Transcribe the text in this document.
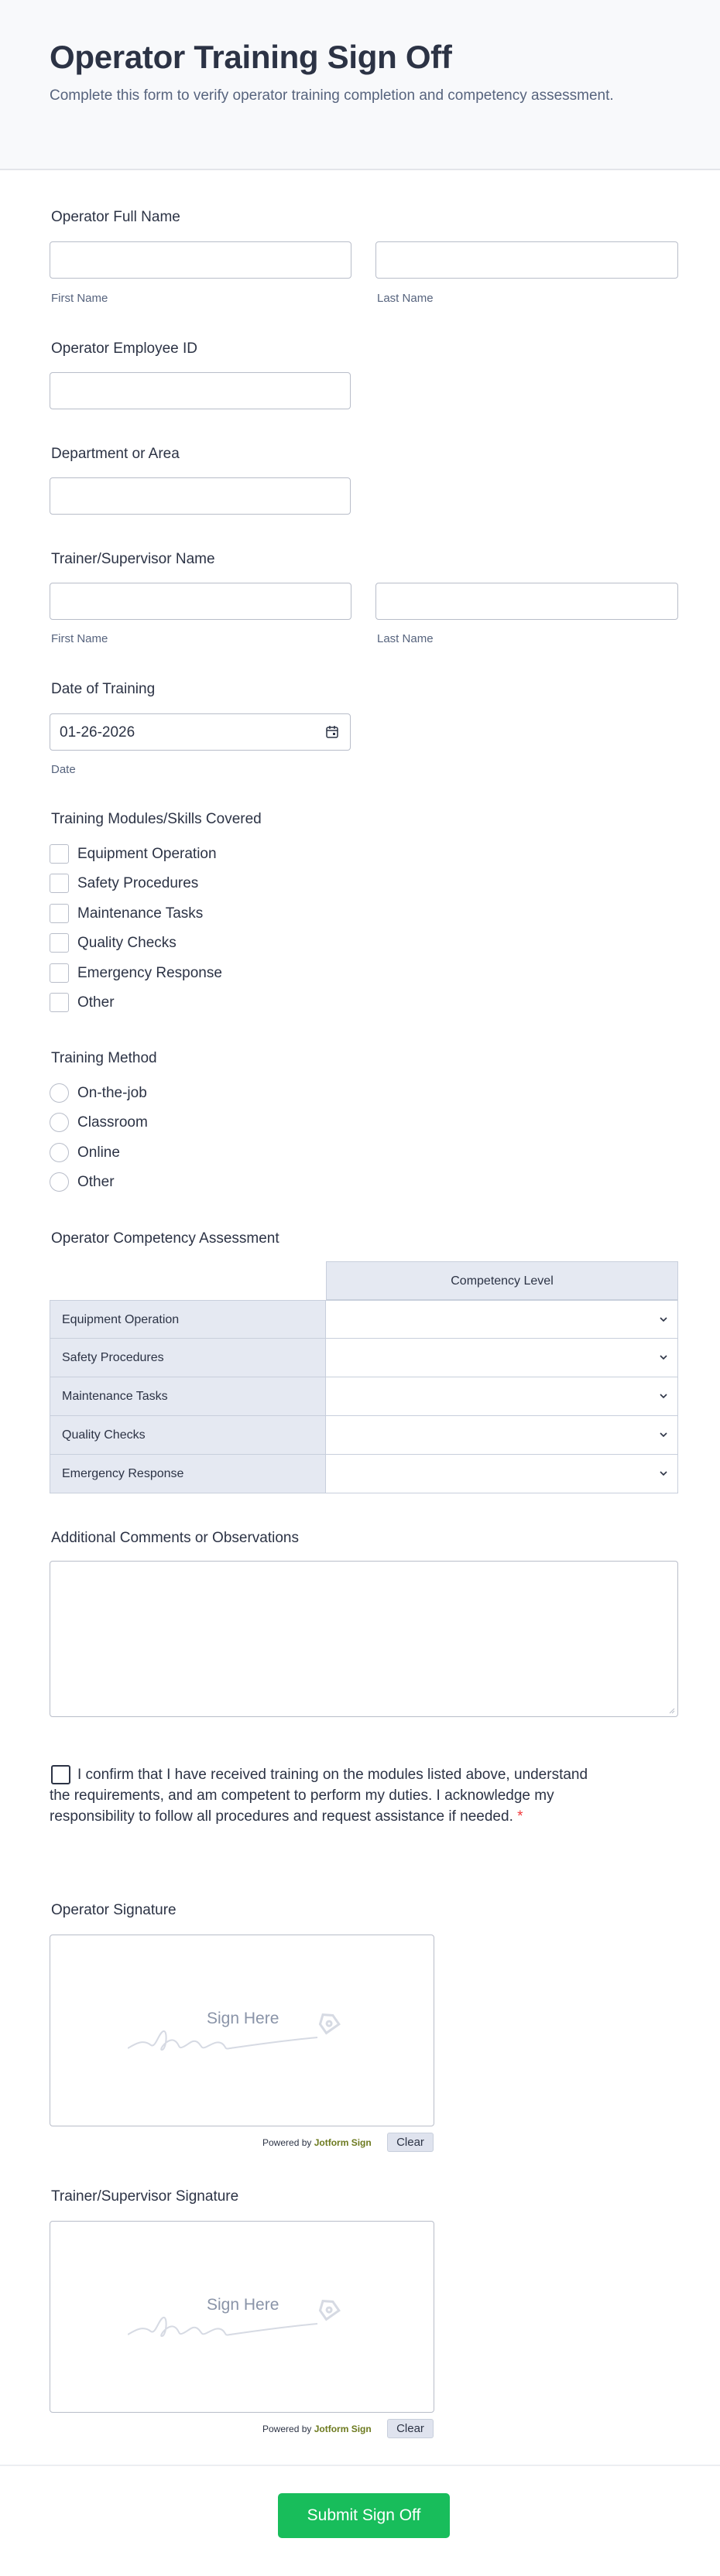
Operator Training Sign Off

Complete this form to verify operator training completion and competency assessment.

Operator Full Name
First Name	Last Name
Operator Employee ID
Department or Area
Trainer/Supervisor Name
First Name	Last Name
Date of Training
01-26-2026
Date
Training Modules/Skills Covered
Equipment Operation
Safety Procedures
Maintenance Tasks
Quality Checks
Emergency Response
Other
Training Method
On-the-job
Classroom
Online
Other
Operator Competency Assessment
Competency Level
Equipment Operation
Safety Procedures
Maintenance Tasks
Quality Checks
Emergency Response
Additional Comments or Observations
I confirm that I have received training on the modules listed above, understand the requirements, and am competent to perform my duties. I acknowledge my responsibility to follow all procedures and request assistance if needed. *
Operator Signature
Sign Here
Powered by Jotform Sign	Clear
Trainer/Supervisor Signature
Sign Here
Powered by Jotform Sign	Clear
Submit Sign Off
